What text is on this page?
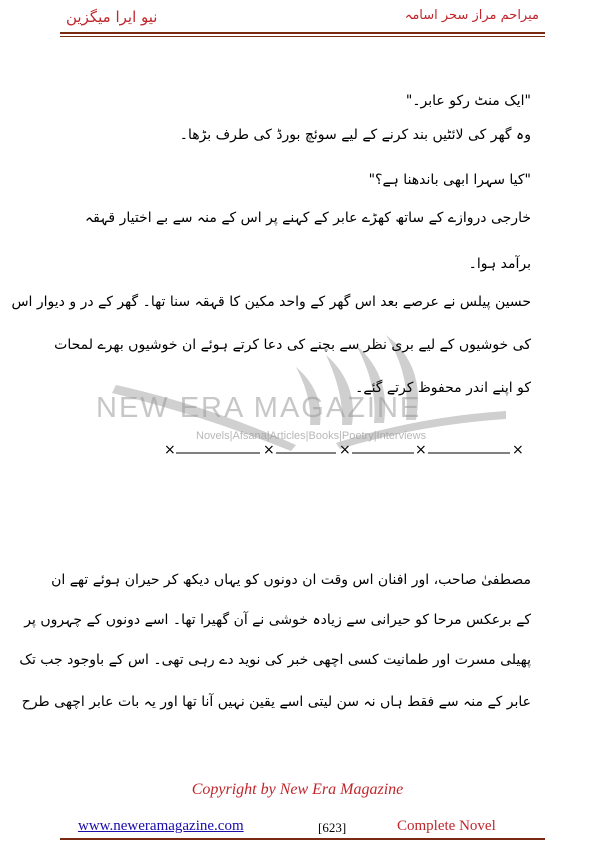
نیو ایرا میگزین	میراحم مراز سحر اسامہ
NEW ERA MAGAZINE
Novels|Afsana|Articles|Books|Poetry|Interviews
"ایک منٹ رکو عابر۔"
وہ گھر کی لائٹیں بند کرنے کے لیے سوئچ بورڈ کی طرف بڑھا۔
"کیا سہرا ابھی باندھنا ہے؟"
خارجی دروازے کے ساتھ کھڑے عابر کے کہنے پر اس کے منہ سے بے اختیار قہقہ
برآمد ہوا۔
حسین پیلس نے عرصے بعد اس گھر کے واحد مکین کا قہقہ سنا تھا۔ گھر کے در و دیوار اس
کی خوشیوں کے لیے بری نظر سے بچنے کی دعا کرتے ہوئے ان خوشیوں بھرے لمحات
کو اپنے اندر محفوظ کرتے گئے۔
×	×	×	×	×
مصطفیٰ صاحب، اور افنان اس وقت ان دونوں کو یہاں دیکھ کر حیران ہوئے تھے ان
کے برعکس مرحا کو حیرانی سے زیادہ خوشی نے آن گھیرا تھا۔ اسے دونوں کے چہروں پر
پھیلی مسرت اور طمانیت کسی اچھی خبر کی نوید دے رہی تھی۔ اس کے باوجود جب تک
عابر کے منہ سے فقط ہاں نہ سن لیتی اسے یقین نہیں آنا تھا اور یہ بات عابر اچھی طرح
Copyright by New Era Magazine
www.neweramagazine.com	[623]	Complete Novel
